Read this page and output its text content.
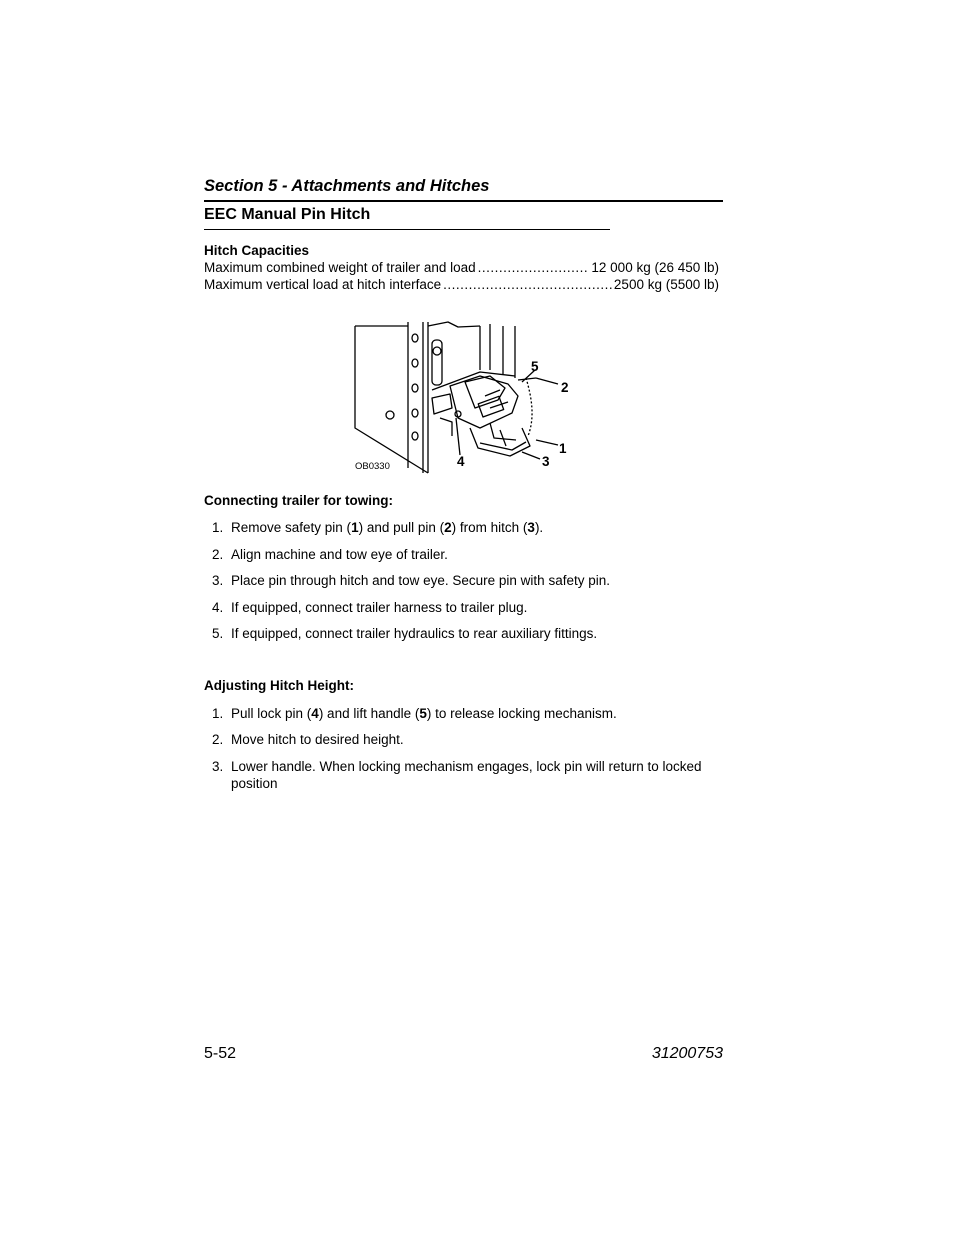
Section 5 - Attachments and Hitches
EEC Manual Pin Hitch
Hitch Capacities
Maximum combined weight of trailer and load .....	12 000 kg (26 450 lb)
Maximum vertical load at hitch interface .....	2500 kg (5500 lb)
5
2
1
4	3
OB0330
Connecting trailer for towing:
1. Remove safety pin (1) and pull pin (2) from hitch (3).
2. Align machine and tow eye of trailer.
3. Place pin through hitch and tow eye. Secure pin with safety pin.
4. If equipped, connect trailer harness to trailer plug.
5. If equipped, connect trailer hydraulics to rear auxiliary fittings.
Adjusting Hitch Height:
1. Pull lock pin (4) and lift handle (5) to release locking mechanism.
2. Move hitch to desired height.
3. Lower handle. When locking mechanism engages, lock pin will return to locked position
5-52	31200753
